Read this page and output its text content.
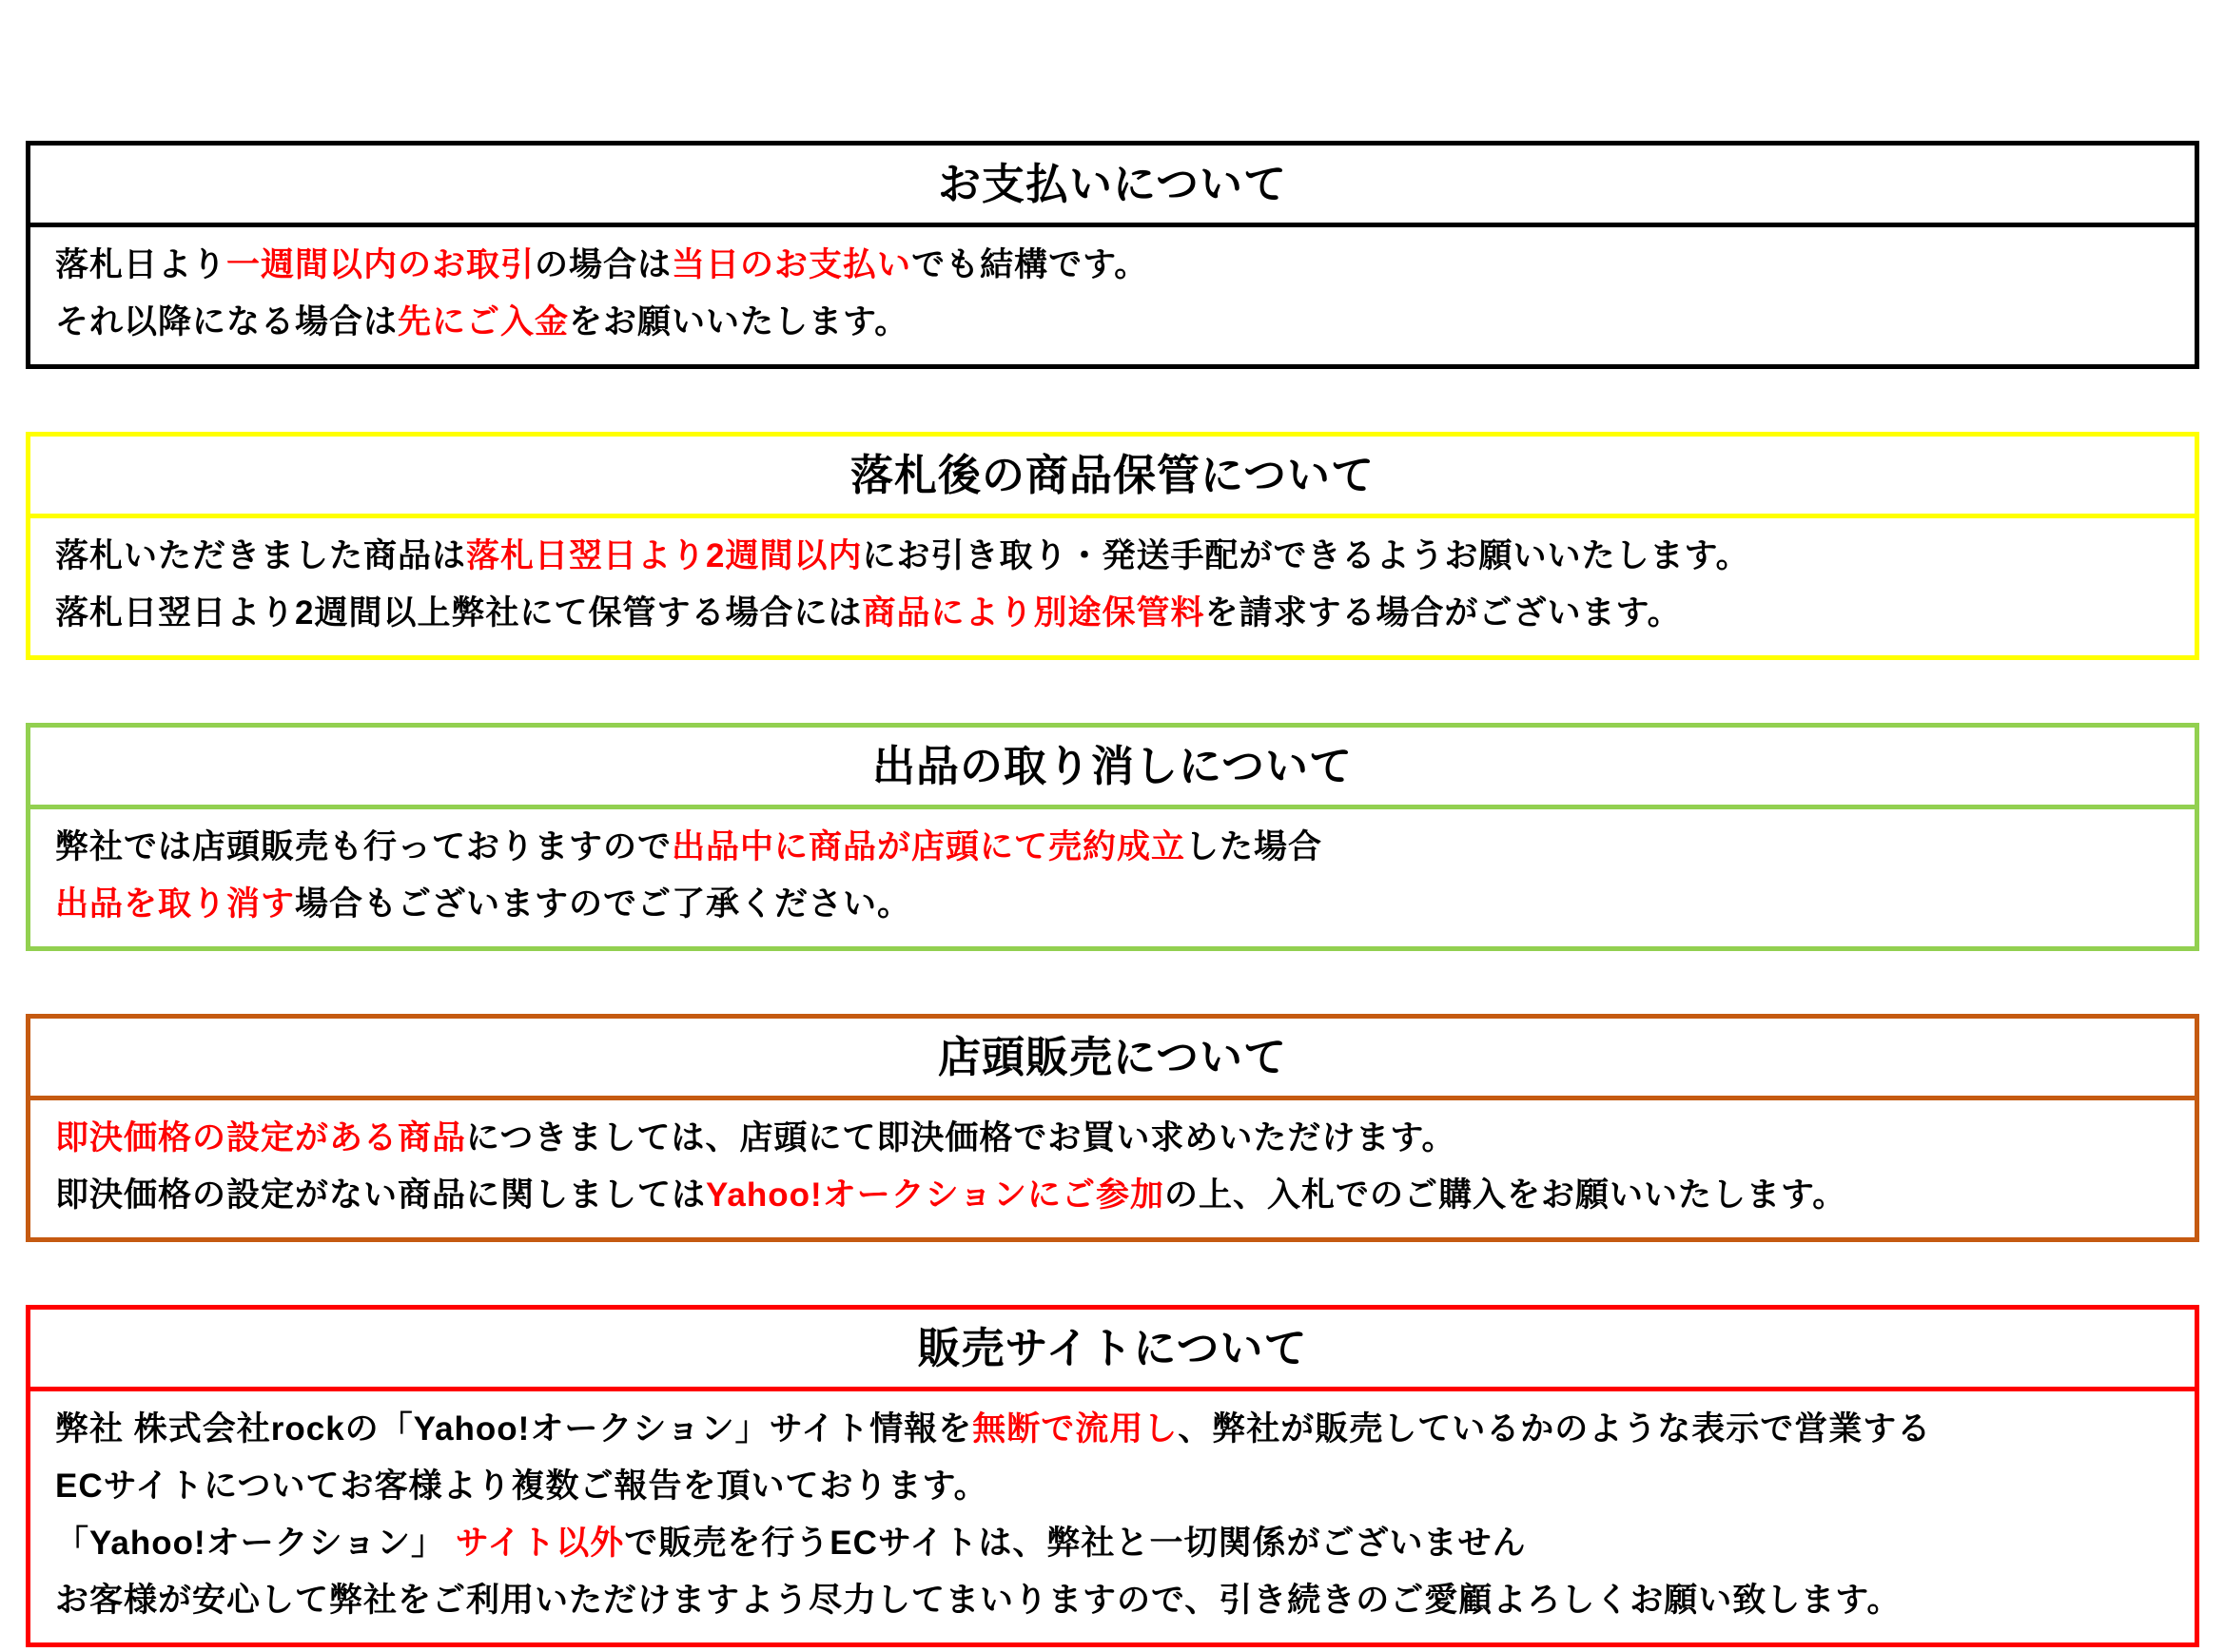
お支払いについて
落札日より一週間以内のお取引の場合は当日のお支払いでも結構です。
それ以降になる場合は先にご入金をお願いいたします。
落札後の商品保管について
落札いただきました商品は落札日翌日より2週間以内にお引き取り・発送手配ができるようお願いいたします。
落札日翌日より2週間以上弊社にて保管する場合には商品により別途保管料を請求する場合がございます。
出品の取り消しについて
弊社では店頭販売も行っておりますので出品中に商品が店頭にて売約成立した場合
出品を取り消す場合もございますのでご了承ください。
店頭販売について
即決価格の設定がある商品につきましては、店頭にて即決価格でお買い求めいただけます。
即決価格の設定がない商品に関しましてはYahoo!オークションにご参加の上、入札でのご購入をお願いいたします。
販売サイトについて
弊社 株式会社rockの「Yahoo!オークション」サイト情報を無断で流用し、弊社が販売しているかのような表示で営業する
ECサイトについてお客様より複数ご報告を頂いております。
「Yahoo!オークション」 サイト以外で販売を行うECサイトは、弊社と一切関係がございません
お客様が安心して弊社をご利用いただけますよう尽力してまいりますので、引き続きのご愛顧よろしくお願い致します。
